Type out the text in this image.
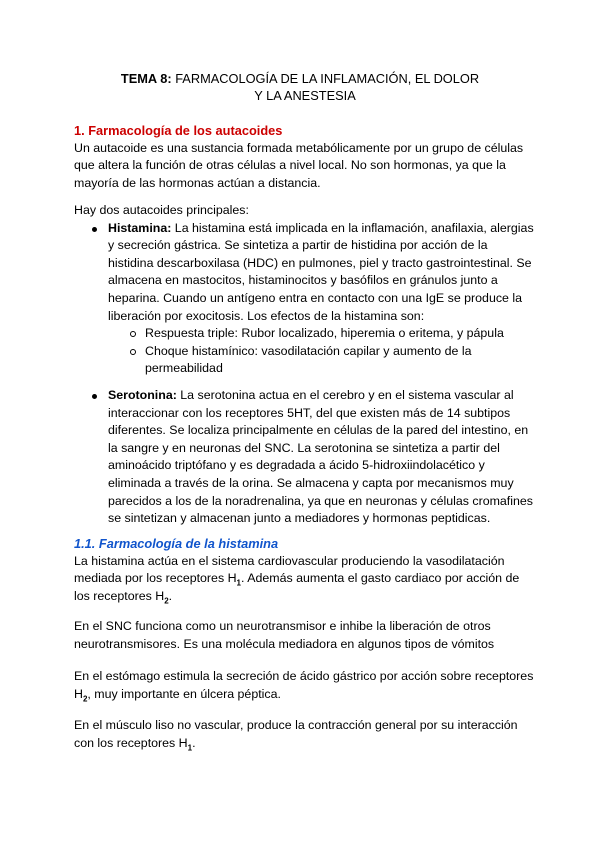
TEMA 8: FARMACOLOGÍA DE LA INFLAMACIÓN, EL DOLOR
Y LA ANESTESIA
1. Farmacología de los autacoides

Un autacoide es una sustancia formada metabólicamente por un grupo de células que altera la función de otras células a nivel local. No son hormonas, ya que la mayoría de las hormonas actúan a distancia.

Hay dos autacoides principales:

Histamina: La histamina está implicada en la inflamación, anafilaxia, alergias y secreción gástrica. Se sintetiza a partir de histidina por acción de la histidina descarboxilasa (HDC) en pulmones, piel y tracto gastrointestinal. Se almacena en mastocitos, histaminocitos y basófilos en gránulos junto a heparina. Cuando un antígeno entra en contacto con una IgE se produce la liberación por exocitosis. Los efectos de la histamina son:
Respuesta triple: Rubor localizado, hiperemia o eritema, y pápula
Choque histamínico: vasodilatación capilar y aumento de la permeabilidad
Serotonina: La serotonina actua en el cerebro y en el sistema vascular al interaccionar con los receptores 5HT, del que existen más de 14 subtipos diferentes. Se localiza principalmente en células de la pared del intestino, en la sangre y en neuronas del SNC. La serotonina se sintetiza a partir del aminoácido triptófano y es degradada a ácido 5-hidroxiindolacético y eliminada a través de la orina. Se almacena y capta por mecanismos muy parecidos a los de la noradrenalina, ya que en neuronas y células cromafines se sintetizan y almacenan junto a mediadores y hormonas peptidicas.
1.1. Farmacología de la histamina

La histamina actúa en el sistema cardiovascular produciendo la vasodilatación mediada por los receptores $H_1$. Además aumenta el gasto cardiaco por acción de los receptores $H_2$.

En el SNC funciona como un neurotransmisor e inhibe la liberación de otros neurotransmisores. Es una molécula mediadora en algunos tipos de vómitos

En el estómago estimula la secreción de ácido gástrico por acción sobre receptores $H_2$, muy importante en úlcera péptica.

En el músculo liso no vascular, produce la contracción general por su interacción con los receptores $H_1$.
